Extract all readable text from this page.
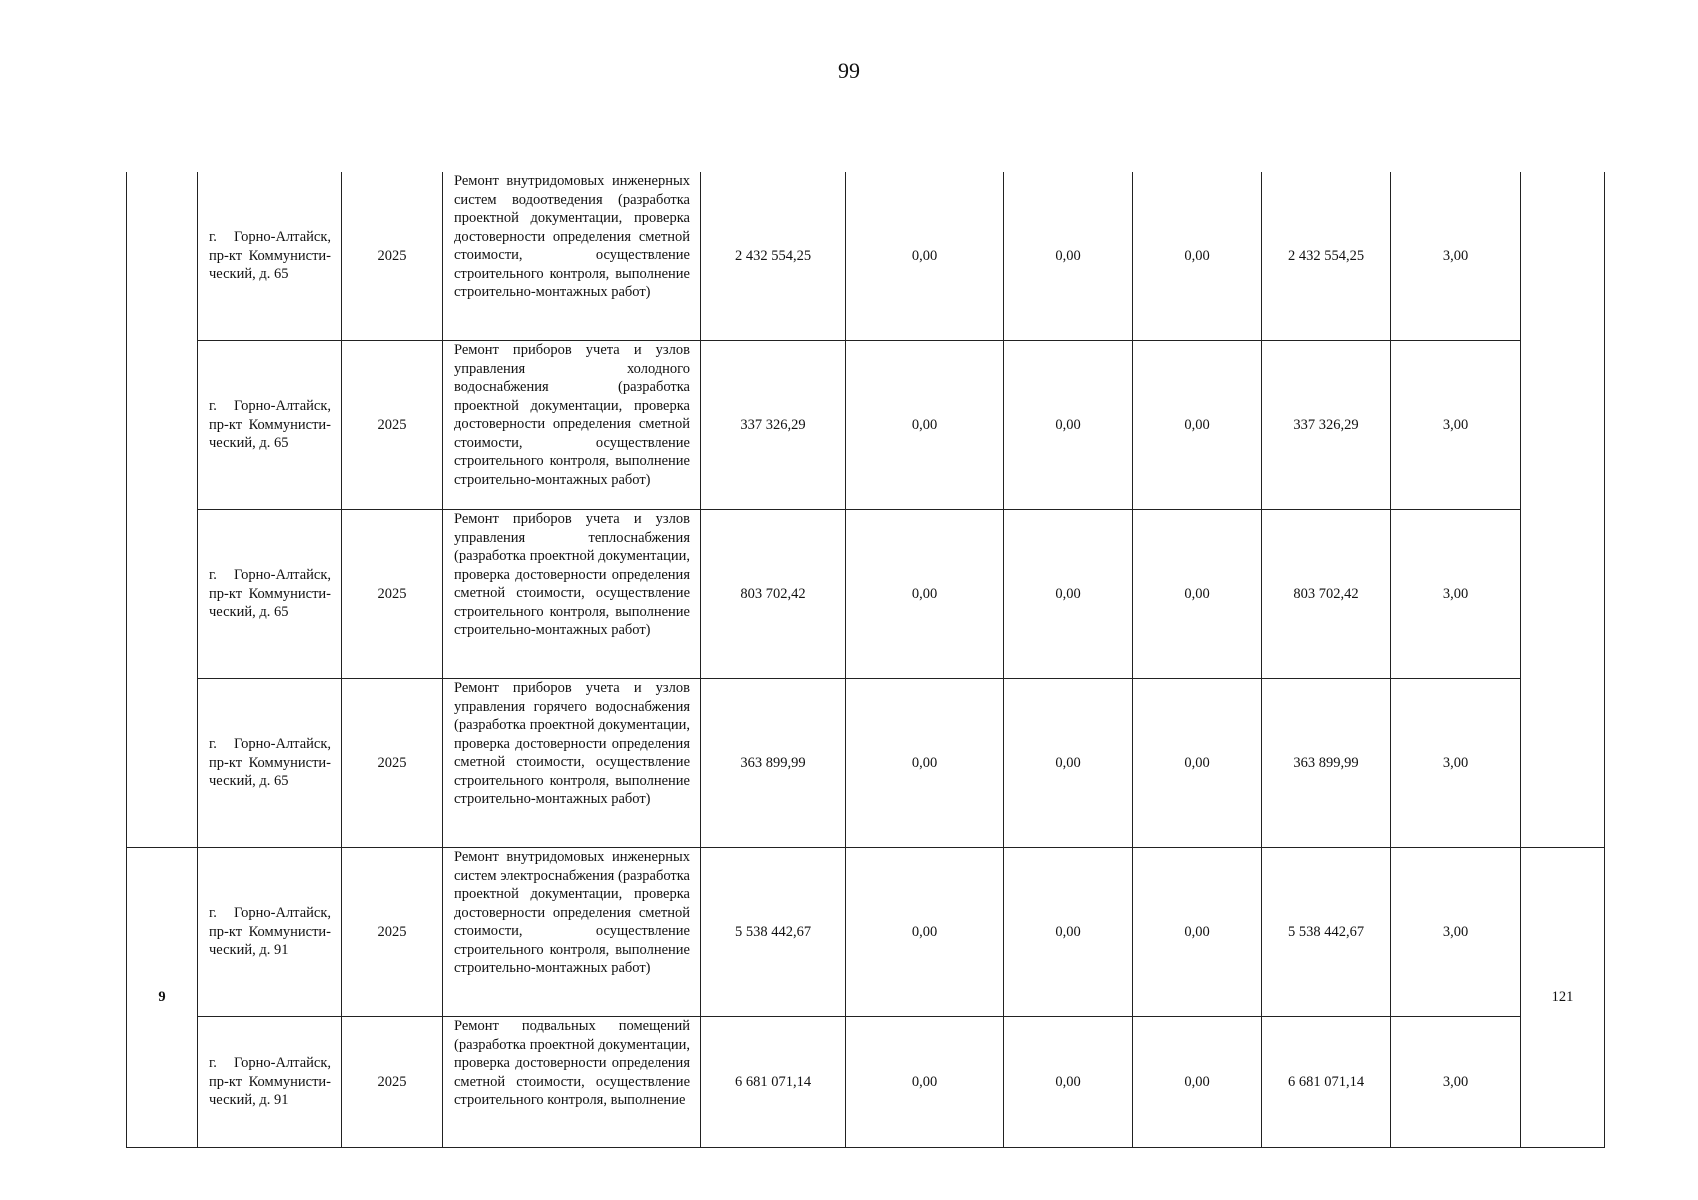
99
	г. Горно-Алтайск, пр-кт Коммунисти-ческий, д. 65	2025	Ремонт внутридомовых инженерных систем водоотведения (разработка проектной документации, проверка достоверности определения сметной стоимости, осуществление строительного контроля, выполнение строительно-монтажных работ)	2 432 554,25	0,00	0,00	0,00	2 432 554,25	3,00	
	г. Горно-Алтайск, пр-кт Коммунисти-ческий, д. 65	2025	Ремонт приборов учета и узлов управления холодного водоснабжения (разработка проектной документации, проверка достоверности определения сметной стоимости, осуществление строительного контроля, выполнение строительно-монтажных работ)	337 326,29	0,00	0,00	0,00	337 326,29	3,00	
	г. Горно-Алтайск, пр-кт Коммунисти-ческий, д. 65	2025	Ремонт приборов учета и узлов управления теплоснабжения (разработка проектной документации, проверка достоверности определения сметной стоимости, осуществление строительного контроля, выполнение строительно-монтажных работ)	803 702,42	0,00	0,00	0,00	803 702,42	3,00	
	г. Горно-Алтайск, пр-кт Коммунисти-ческий, д. 65	2025	Ремонт приборов учета и узлов управления горячего водоснабжения (разработка проектной документации, проверка достоверности определения сметной стоимости, осуществление строительного контроля, выполнение строительно-монтажных работ)	363 899,99	0,00	0,00	0,00	363 899,99	3,00	
9	г. Горно-Алтайск, пр-кт Коммунисти-ческий, д. 91	2025	Ремонт внутридомовых инженерных систем электроснабжения (разработка проектной документации, проверка достоверности определения сметной стоимости, осуществление строительного контроля, выполнение строительно-монтажных работ)	5 538 442,67	0,00	0,00	0,00	5 538 442,67	3,00	121
	г. Горно-Алтайск, пр-кт Коммунисти-ческий, д. 91	2025	Ремонт подвальных помещений (разработка проектной документации, проверка достоверности определения сметной стоимости, осуществление строительного контроля, выполнение	6 681 071,14	0,00	0,00	0,00	6 681 071,14	3,00	
